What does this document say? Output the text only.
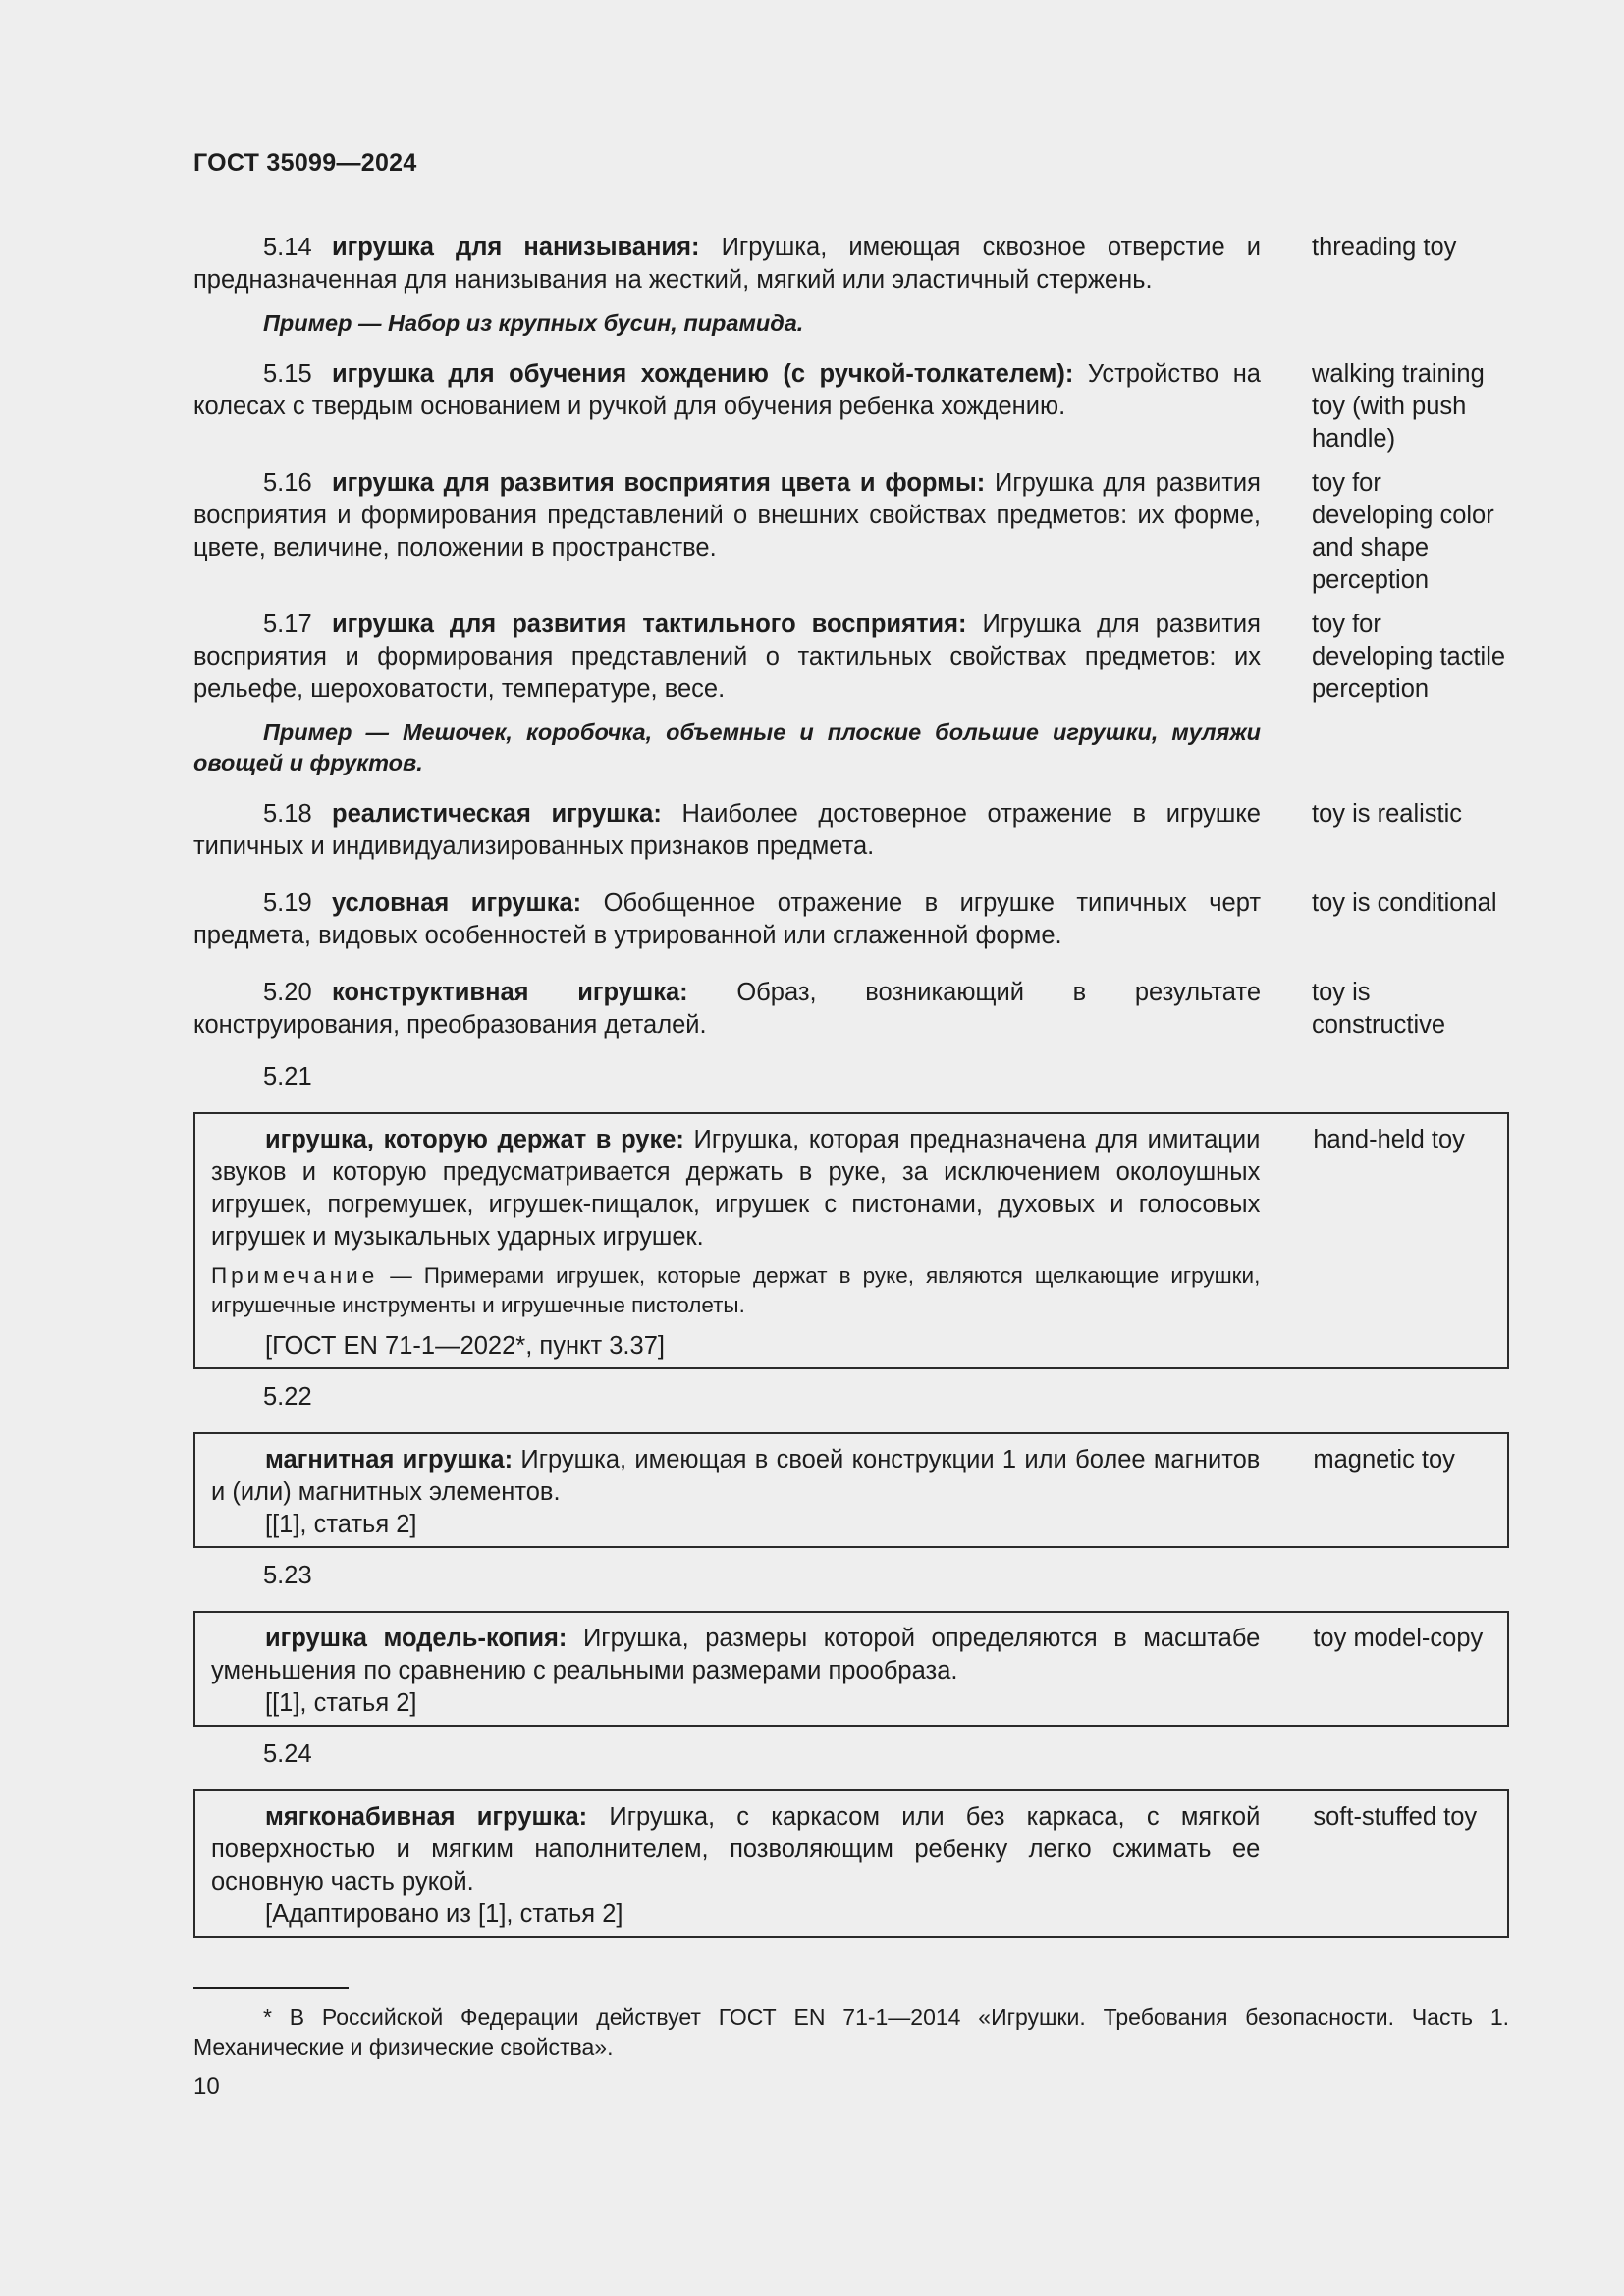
ГОСТ 35099—2024
5.14 игрушка для нанизывания: Игрушка, имеющая сквозное отверстие и предназначенная для нанизывания на жесткий, мягкий или эластичный стержень.
threading toy
Пример — Набор из крупных бусин, пирамида.
5.15 игрушка для обучения хождению (с ручкой-толкателем): Устройство на колесах с твердым основанием и ручкой для обучения ребенка хождению.
walking training toy (with push handle)
5.16 игрушка для развития восприятия цвета и формы: Игрушка для развития восприятия и формирования представлений о внешних свойствах предметов: их форме, цвете, величине, положении в пространстве.
toy for developing color and shape perception
5.17 игрушка для развития тактильного восприятия: Игрушка для развития восприятия и формирования представлений о тактильных свойствах предметов: их рельефе, шероховатости, температуре, весе.
Пример — Мешочек, коробочка, объемные и плоские большие игрушки, муляжи овощей и фруктов.
toy for developing tactile perception
5.18 реалистическая игрушка: Наиболее достоверное отражение в игрушке типичных и индивидуализированных признаков предмета.
toy is realistic
5.19 условная игрушка: Обобщенное отражение в игрушке типичных черт предмета, видовых особенностей в утрированной или сглаженной форме.
toy is conditional
5.20 конструктивная игрушка: Образ, возникающий в результате конструирования, преобразования деталей.
toy is constructive
5.21
игрушка, которую держат в руке: Игрушка, которая предназначена для имитации звуков и которую предусматривается держать в руке, за исключением околоушных игрушек, погремушек, игрушек-пищалок, игрушек с пистонами, духовых и голосовых игрушек и музыкальных ударных игрушек.
Примечание — Примерами игрушек, которые держат в руке, являются щелкающие игрушки, игрушечные инструменты и игрушечные пистолеты.
[ГОСТ EN 71-1—2022*, пункт 3.37]
hand-held toy
5.22
магнитная игрушка: Игрушка, имеющая в своей конструкции 1 или более магнитов и (или) магнитных элементов.
[[1], статья 2]
magnetic toy
5.23
игрушка модель-копия: Игрушка, размеры которой определяются в масштабе уменьшения по сравнению с реальными размерами прообраза.
[[1], статья 2]
toy model-copy
5.24
мягконабивная игрушка: Игрушка, с каркасом или без каркаса, с мягкой поверхностью и мягким наполнителем, позволяющим ребенку легко сжимать ее основную часть рукой.
[Адаптировано из [1], статья 2]
soft-stuffed toy
* В Российской Федерации действует ГОСТ EN 71-1—2014 «Игрушки. Требования безопасности. Часть 1. Механические и физические свойства».
10
